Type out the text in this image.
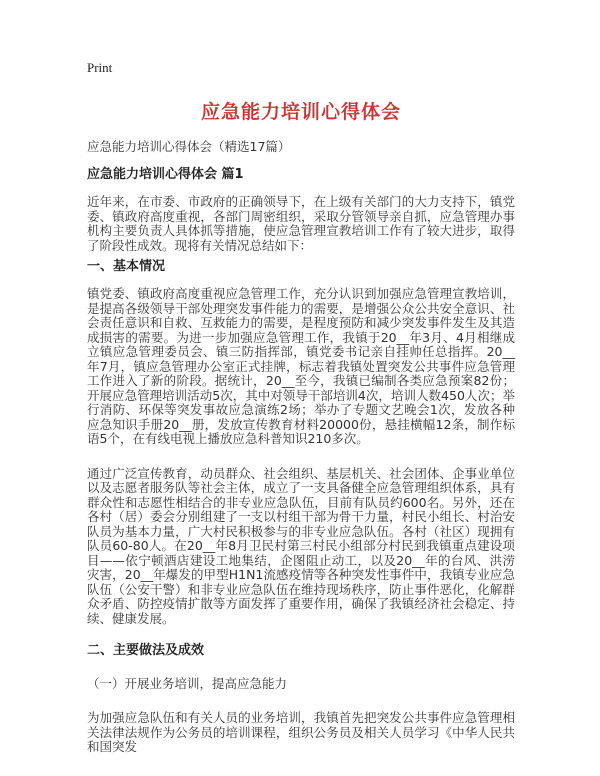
Print
应急能力培训心得体会

应急能力培训心得体会（精选17篇）

应急能力培训心得体会 篇1

近年来，在市委、市政府的正确领导下，在上级有关部门的大力支持下，镇党委、镇政府高度重视，各部门周密组织，采取分管领导亲自抓，应急管理办事机构主要负责人具体抓等措施，使应急管理宣教培训工作有了较大进步，取得了阶段性成效。现将有关情况总结如下：

一、基本情况

镇党委、镇政府高度重视应急管理工作，充分认识到加强应急管理宣教培训，是提高各级领导干部处理突发事件能力的需要，是增强公众公共安全意识、社会责任意识和自救、互救能力的需要，是程度预防和减少突发事件发生及其造成损害的需要。为进一步加强应急管理工作，我镇于20__年3月、4月相继成立镇应急管理委员会、镇三防指挥部，镇党委书记亲自挂帅任总指挥。20__年7月，镇应急管理办公室正式挂牌，标志着我镇处置突发公共事件应急管理工作进入了新的阶段。据统计，20__至今，我镇已编制各类应急预案82份；开展应急管理培训活动5次，其中对领导干部培训4次，培训人数450人次；举行消防、环保等突发事故应急演练2场；举办了专题文艺晚会1次，发放各种应急知识手册20__册，发放宣传教育材料20000份，悬挂横幅12条，制作标语5个，在有线电视上播放应急科普知识210多次。

通过广泛宣传教育，动员群众、社会组织、基层机关、社会团体、企事业单位以及志愿者服务队等社会主体，成立了一支具备健全应急管理组织体系，具有群众性和志愿性相结合的非专业应急队伍，目前有队员约600名。另外，还在各村（居）委会分别组建了一支以村组干部为骨干力量，村民小组长、村治安队员为基本力量，广大村民积极参与的非专业应急队伍。各村（社区）现拥有队员60-80人。在20__年8月卫民村第三村民小组部分村民到我镇重点建设项目——依宁顿酒店建设工地集结，企图阻止动工，以及20__年的台风、洪涝灾害，20__年爆发的甲型H1N1流感疫情等各种突发性事件中，我镇专业应急队伍（公安干警）和非专业应急队伍在维持现场秩序，防止事件恶化，化解群众矛盾、防控疫情扩散等方面发挥了重要作用，确保了我镇经济社会稳定、持续、健康发展。

二、主要做法及成效

（一）开展业务培训，提高应急能力

为加强应急队伍和有关人员的业务培训，我镇首先把突发公共事件应急管理相关法律法规作为公务员的培训课程，组织公务员及相关人员学习《中华人民共和国突发
